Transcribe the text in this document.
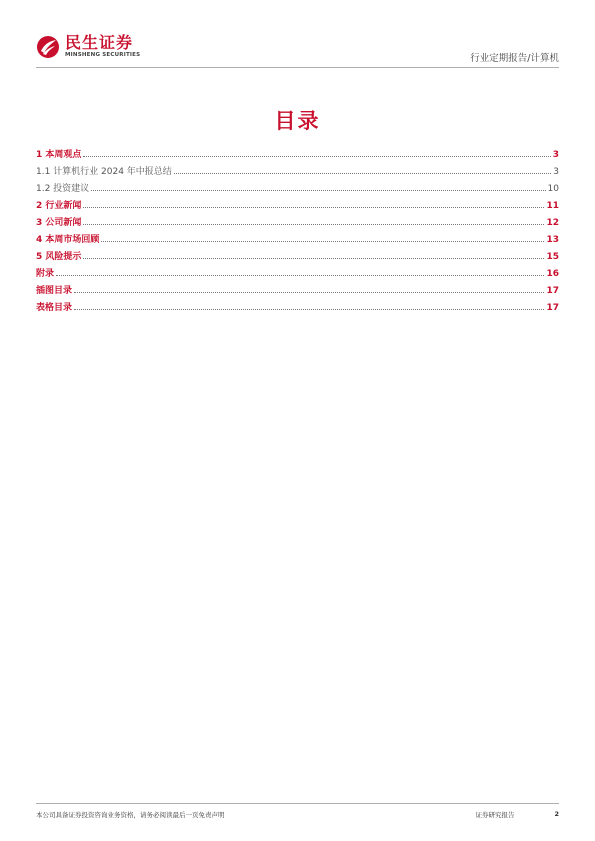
民生证券
MINSHENG SECURITIES	行业定期报告/计算机
目录
1 本周观点	3
1.1 计算机行业 2024 年中报总结	3
1.2 投资建议	10
2 行业新闻	11
3 公司新闻	12
4 本周市场回顾	13
5 风险提示	15
附录	16
插图目录	17
表格目录	17
本公司具备证券投资咨询业务资格，请务必阅读最后一页免责声明	证券研究报告	2
